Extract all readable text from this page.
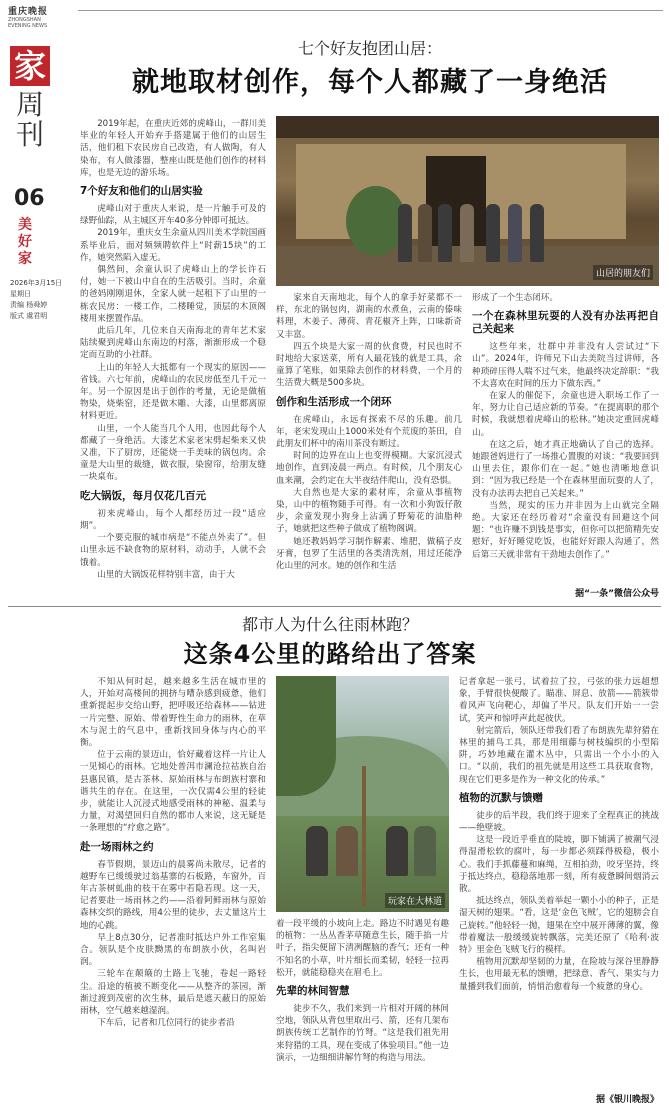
重庆晚报
ZHONGSHAN
EVENING NEWS
家
周刊
06
美好家
2026年3月15日
星期日
责编 杨舜婷
版式 虞君明
七个好友抱团山居：
就地取材创作，每个人都藏了一身绝活

2019年起，在重庆近郊的虎峰山，一群川美毕业的年轻人开始弃手搭建属于他们的山居生活，他们租下农民房自己改造，有人做陶，有人染布，有人做漆器，整座山既是他们创作的材料库，也是无边的游乐场。

7个好友和他们的山居实验

虎峰山对于重庆人来说，是一片触手可及的绿野仙踪，从主城区开车40多分钟即可抵达。

2019年，重庆女生余童从四川美术学院国画系毕业后，面对频频聘软件上“时薪15块”的工作，她突然陷入虚无。

偶然间，余童认识了虎峰山上的学长许石付，她一下被山中自在的生活吸引。当时，余童的爸妈刚刚退休，全家人就一起租下了山里的一栋农民房：一楼工作，二楼睡觉，顶层的木顶阁楼用来摆置作品。

此后几年，几位来自天南海北的青年艺术家陆续聚到虎峰山东南边的村落，渐渐形成一个稳定而互助的小社群。

上山的年轻人大抵都有一个现实的原因——省钱。六七年前，虎峰山的农民房低至几千元一年。另一个原因是出于创作的考量，无论是做植物染，烧柴窑，还是做木雕、大漆，山里都离原材料更近。

山里，一个人能当几个人用，也因此每个人都藏了一身绝活。大漆艺术家老宋劈起柴来又快又准，下了厨房，还能烧一手美味的锅包肉。余童是大山里的裁缝，做衣服，染窗帘，给朋友缝一块桌布。

吃大锅饭，每月仅花几百元

初来虎峰山，每个人都经历过一段“适应期”。

一个要克服的城市病是“不能点外卖了”。但山里永远不缺食物的原材料，动动手，人就不会饿着。

山里的大锅饭花样特别丰富，由于大

家来自天南地北，每个人的拿手好菜都不一样，东北的锅包肉，湖南的水煮鱼，云南的傣味料理，木姜子、薄荷、青花椒齐上阵，口味新奇又丰富。

四五个块是大家一周的伙食费，村民也时不时地给大家送菜，所有人最花钱的就是工具，余童算了笔账，如果除去创作的材料费，一个月的生活费大概是500多块。

创作和生活形成一个闭环

在虎峰山，永远有探索不尽的乐趣。前几年，老宋发现山上1000米处有个荒废的茶田，自此朋友们杯中的南川茶没有断过。

时间的边界在山上也变得模糊。大家沉浸式地创作，直到凌晨一两点。有时候，几个朋友心血来潮，会约定在大半夜结伴爬山，没有恐惧。

大自然也是大家的素材库，余童从事植物染，山中的植物随手可得。有一次和小狗饭仔散步，余童发现小狗身上沾满了野菊花的油脂种子，她就把这些种子做成了植物阁调。

她还教妈妈学习制作解素、堆肥，做稿子皮牙膏，包罗了生活里的各类清洗剂，用过还能净化山里的河水。她的创作和生活

形成了一个生态闭环。

一个在森林里玩耍的人没有办法再把自己关起来

这些年来，壮群中并非没有人尝试过“下山”。2024年，许师兄下山去美院当过讲师，各种琐碎压得人喘不过气来，他最终决定辞职：“我不太喜欢在时间的压力下做东西。”

在家人的催促下，余童也进入职场工作了一年，努力让自己适应新的节奏。“在提离职的那个时候，我就想着虎峰山的松林。”她决定重回虎峰山。

在这之后，她才真正地确认了自己的选择。她跟爸妈进行了一场推心置腹的对谈：“我要回到山里去住，跟你们在一起。”她也清晰地意识到：“因为我已经是一个在森林里面玩耍的人了，没有办法再去把自己关起来。”

当然，现实的压力并非因为上山就完全隔绝。大家还在经历着对“余童没有回避这个问题：“也许赚不到钱是事实，但你可以把简精先安慰好，好好睡觉吃饭，也能好好跟人沟通了，然后第三天就非常有干劲地去创作了。”

据“一条”微信公众号
山居的朋友们
都市人为什么往雨林跑？
这条4公里的路给出了答案

不知从何时起，越来越多生活在城市里的人，开始对高楼间的拥挤与嘈杂感到疲惫，他们重新提起步交给山野，把呼吸还给森林——钻进一片完整、原始、带着野性生命力的雨林，在草木与泥土的气息中，重新找回身体与内心的平衡。

位于云南的景迈山，恰好藏着这样一片让人一见倾心的雨林。它地处普洱市澜沧拉祜族自治县惠民镇，是古茶林、原始雨林与布朗族村寨和谐共生的存在。在这里，一次仅需4公里的轻徒步，就能让人沉浸式地感受雨林的神秘、温柔与力量，对渴望回归自然的都市人来说，这无疑是一条理想的“疗愈之路”。

赴一场雨林之约

春节假期，景迈山的晨雾尚未散尽，记者的越野车已缓缓驶过翁基寨的石板路，车窗外，百年古茶树虬曲的枝干在雾中若隐若现。这一天，记者要赴一场雨林之约——沿着阿鲜雨林与原始森林交织的路线，用4公里的徒步，去丈量这片土地的心跳。

早上8点30分，记者准时抵达户外工作室集合。领队是个皮肤黝黑的布朗族小伙，名叫岩润。

三轮车在颠簸的土路上飞驰，卷起一路轻尘。沿途的植被不断变化——从整齐的茶园，渐渐过渡到茂密的次生林，最后是遮天蔽日的原始雨林，空气越来越湿润。

下车后，记者和几位同行的徒步者沿

着一段平缓的小坡向上走。路边不时遇见有趣的植物：一丛丛香茅草随意生长，随手掐一片叶子，指尖便留下清冽醒脑的香气；还有一种不知名的小草，叶片细长而柔韧，轻轻一拉再松开，就能稳稳夹在眉毛上。

先辈的林间智慧

徒步不久，我们来到一片相对开阔的林间空地，领队从背包里取出弓、箭，还有几架布朗族传统工艺制作的竹弩。“这是我们祖先用来狩猎的工具，现在变成了体验项目。”他一边演示，一边细细讲解竹弩的构造与用法。

记者拿起一张弓，试着拉了拉，弓弦的张力远超想象，手臂很快便酸了。瞄准、屏息、放箭——箭簇带着风声飞向靶心，却偏了半尺。队友们开始一一尝试，笑声和惊呼声此起彼伏。

射完箭后，领队还带我们看了布朗族先辈狩猎在林里的捕鸟工具，那是用细藤与树枝编织的小型陷阱，巧妙地藏在灌木丛中，只需出一个小小的入口。“以前，我们的祖先就是用这些工具获取食物，现在它们更多是作为一种文化的传承。”

植物的沉默与馈赠

徒步的后半段，我们终于迎来了全程真正的挑战——绝壁坡。

这是一段近乎垂直的陡坡，脚下铺满了被潮气浸得湿滑松软的腐叶，每一步都必须踩得极稳，极小心。我们手抓藤蔓和麻绳，互相拍劲，咬牙坚持，终于抵达终点，稳稳落地那一刻，所有疲惫瞬间烟消云散。

抵达终点，领队美着举起一颗小小的种子，正是湿天树的翅果。“看，这是‘金色飞贼’，它的翅膀会自己旋转。”他轻轻一抛，翅果在空中展开薄薄的翼，像带着魔法一般缓缓旋转飘落，完美还原了《哈利·波特》里金色飞贼飞行的模样。

植物用沉默却坚韧的力量，在险坡与深谷里静静生长，也用最无私的馈赠，把绿意、香气、果实与力量播到我们面前，悄悄治愈着每一个疲惫的身心。

据《银川晚报》
玩家在大林道
